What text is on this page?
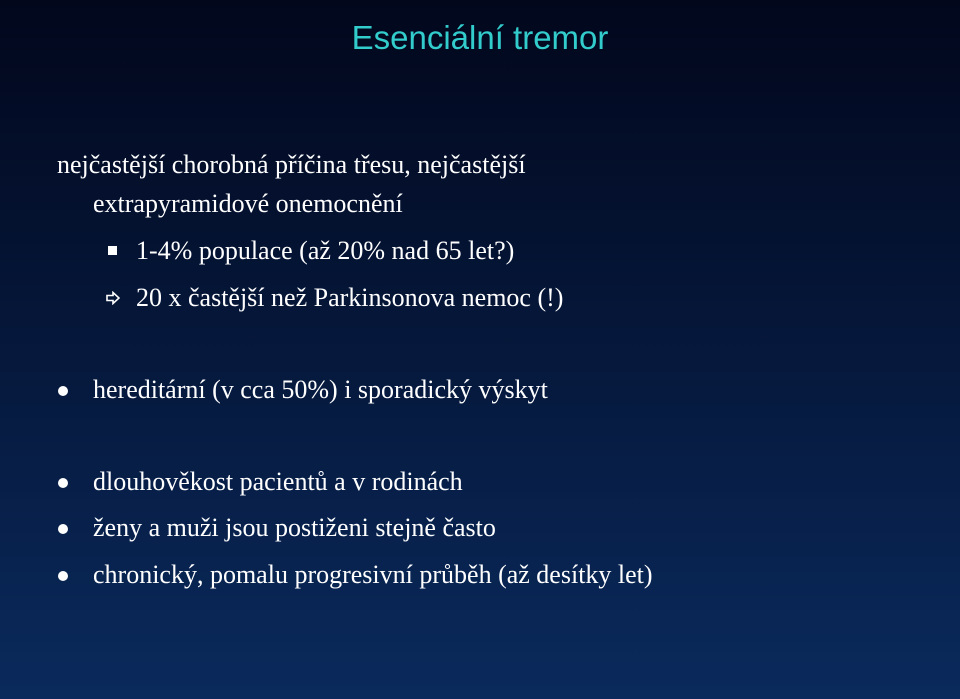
Esenciální tremor
nejčastější chorobná příčina třesu, nejčastější
extrapyramidové onemocnění
1-4% populace (až 20% nad 65 let?)
20 x častější než Parkinsonova nemoc (!)
hereditární (v cca 50%) i sporadický výskyt
dlouhověkost pacientů a v rodinách
ženy a muži jsou postiženi stejně často
chronický, pomalu progresivní průběh (až desítky let)
